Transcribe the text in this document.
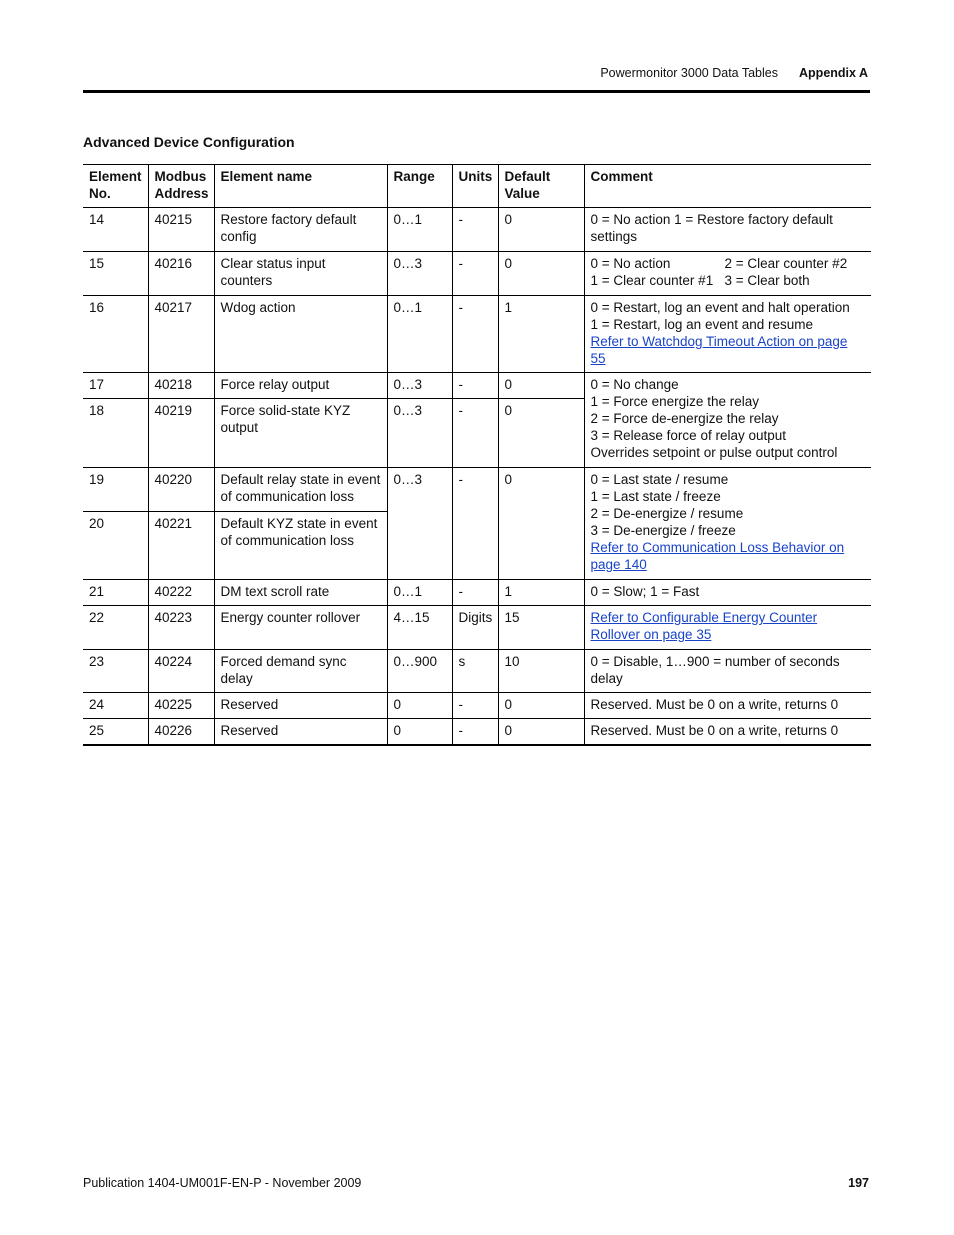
Powermonitor 3000 Data Tables Appendix A
Advanced Device Configuration
Element No.	Modbus Address	Element name	Range	Units	Default Value	Comment
14	40215	Restore factory default config	0…1	-	0	0 = No action 1 = Restore factory default settings
15	40216	Clear status input counters	0…3	-	0	0 = No action 2 = Clear counter #2
1 = Clear counter #1 3 = Clear both
16	40217	Wdog action	0…1	-	1	0 = Restart, log an event and halt operation
1 = Restart, log an event and resume
Refer to Watchdog Timeout Action on page 55
17	40218	Force relay output	0…3	-	0	0 = No change
1 = Force energize the relay
2 = Force de-energize the relay
3 = Release force of relay output
Overrides setpoint or pulse output control
18	40219	Force solid-state KYZ output	0…3	-	0	
19	40220	Default relay state in event of communication loss	0…3	-	0	0 = Last state / resume
1 = Last state / freeze
2 = De-energize / resume
3 = De-energize / freeze
Refer to Communication Loss Behavior on page 140
20	40221	Default KYZ state in event of communication loss				
21	40222	DM text scroll rate	0…1	-	1	0 = Slow; 1 = Fast
22	40223	Energy counter rollover	4…15	Digits	15	Refer to Configurable Energy Counter Rollover on page 35
23	40224	Forced demand sync delay	0…900	s	10	0 = Disable, 1…900 = number of seconds delay
24	40225	Reserved	0	-	0	Reserved. Must be 0 on a write, returns 0
25	40226	Reserved	0	-	0	Reserved. Must be 0 on a write, returns 0
Publication 1404-UM001F-EN-P - November 2009	197
